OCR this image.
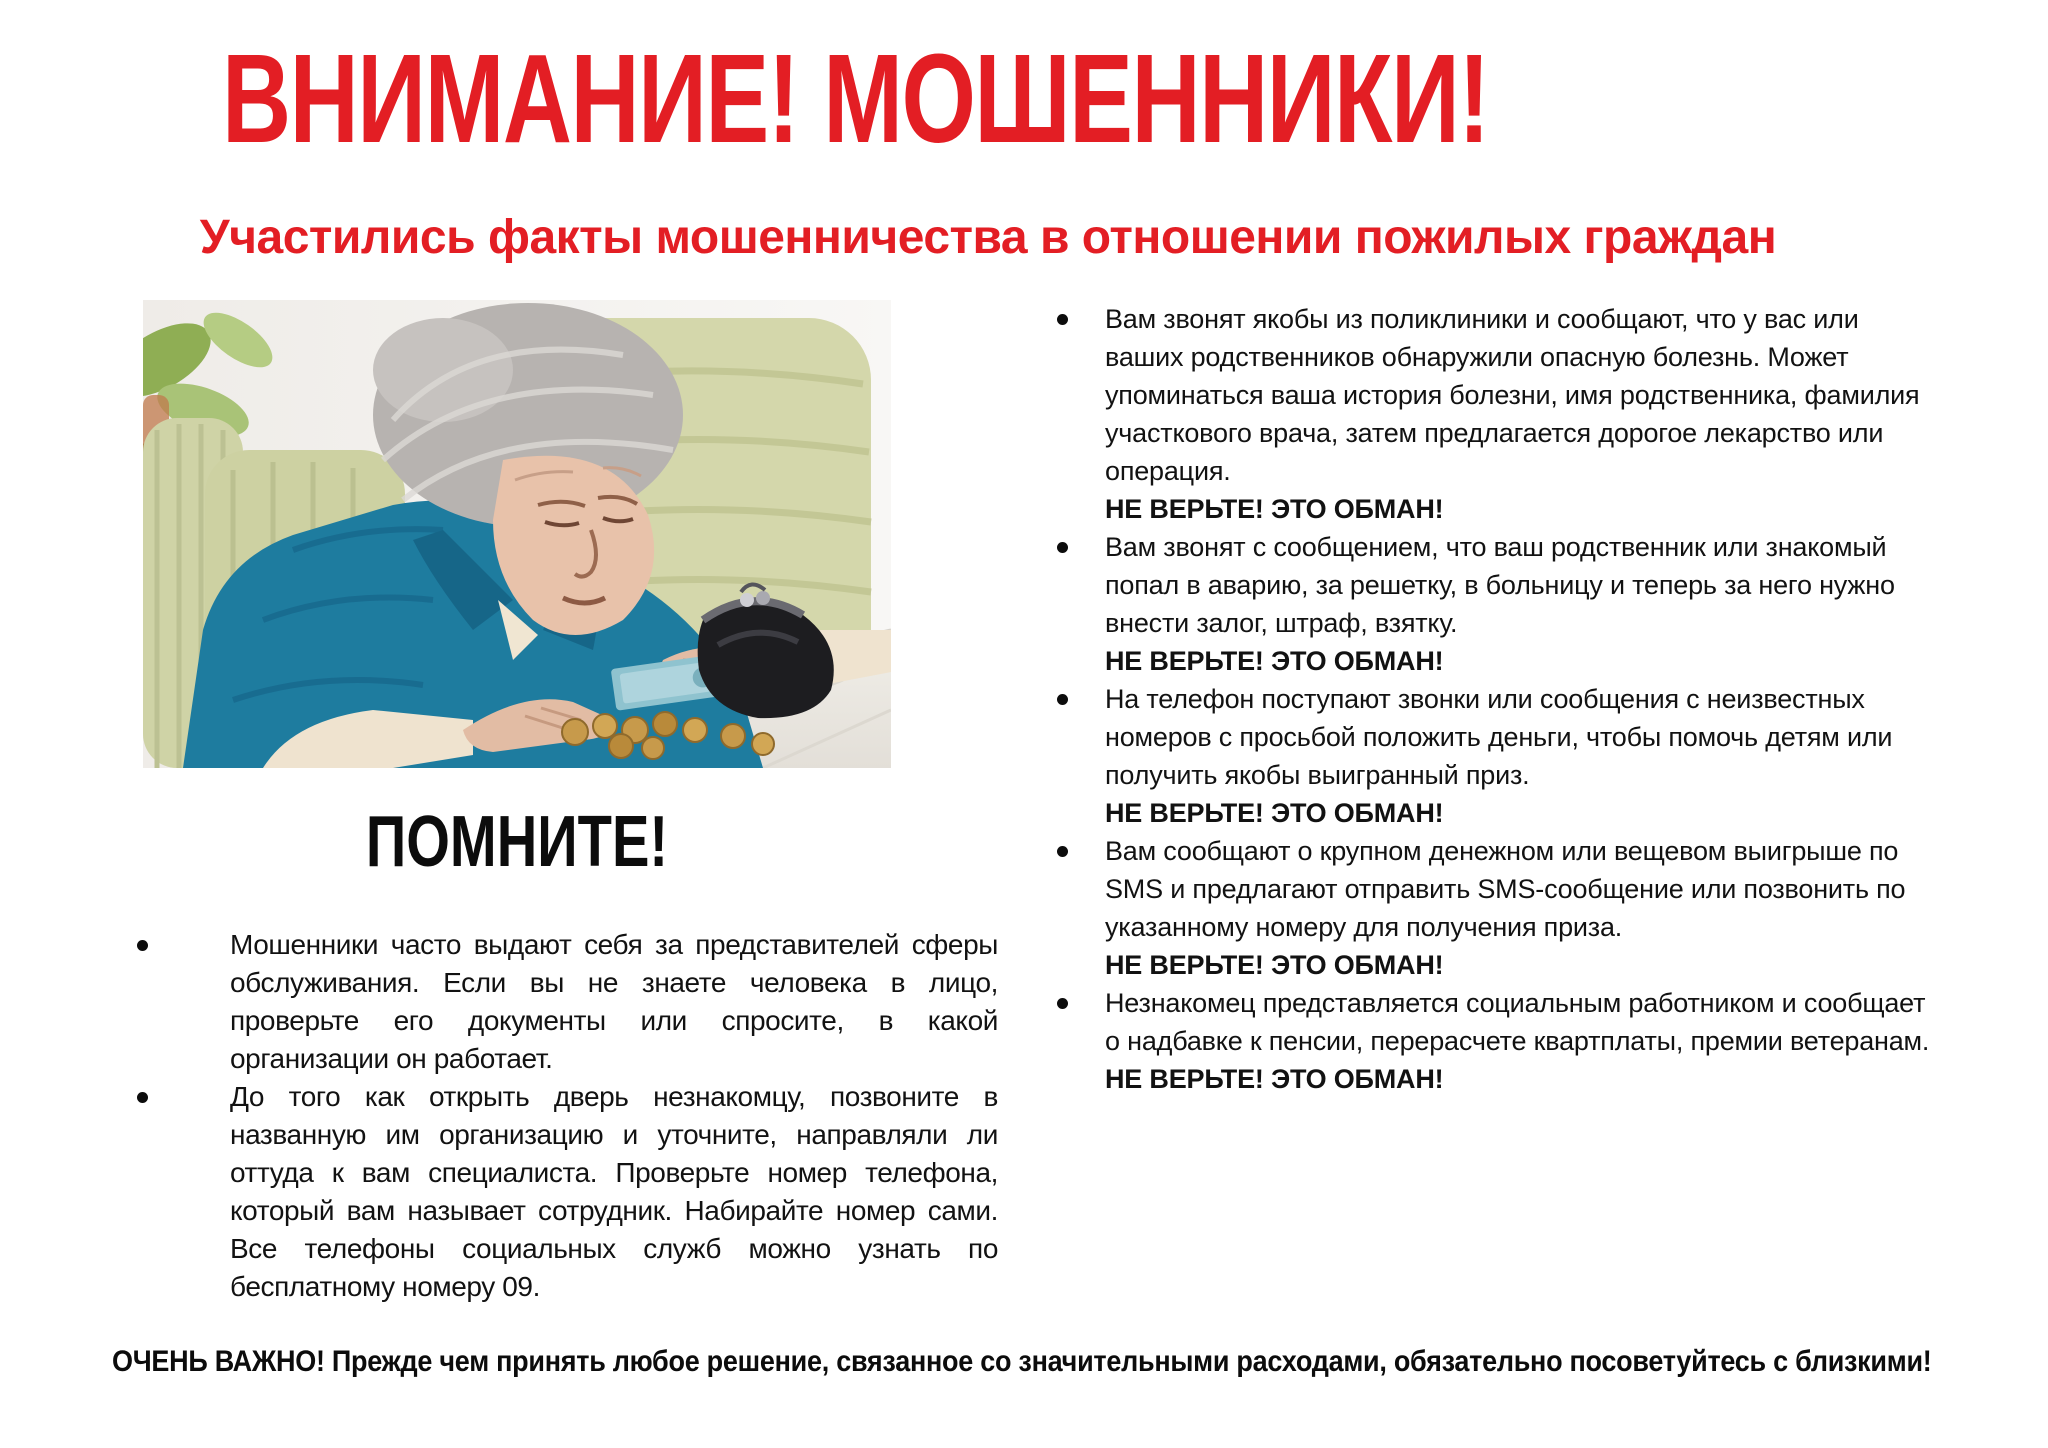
ВНИМАНИЕ! МОШЕННИКИ!
Участились факты мошенничества в отношении пожилых граждан
ПОМНИТЕ!
Мошенники часто выдают себя за представителей сферы обслуживания. Если вы не знаете человека в лицо, проверьте его документы или спросите, в какой организации он работает.
До того как открыть дверь незнакомцу, позвоните в названную им организацию и уточните, направляли ли оттуда к вам специалиста. Проверьте номер телефона, который вам называет сотрудник. Набирайте номер сами. Все телефоны социальных служб можно узнать по бесплатному номеру 09.
Вам звонят якобы из поликлиники и сообщают, что у вас или ваших родственников обнаружили опасную болезнь. Может упоминаться ваша история болезни, имя родственника, фамилия участкового врача, затем предлагается дорогое лекарство или операция.
НЕ ВЕРЬТЕ! ЭТО ОБМАН!
Вам звонят с сообщением, что ваш родственник или знакомый попал в аварию, за решетку, в больницу и теперь за него нужно внести залог, штраф, взятку.
НЕ ВЕРЬТЕ! ЭТО ОБМАН!
На телефон поступают звонки или сообщения с неизвестных номеров с просьбой положить деньги, чтобы помочь детям или получить якобы выигранный приз.
НЕ ВЕРЬТЕ! ЭТО ОБМАН!
Вам сообщают о крупном денежном или вещевом выигрыше по SMS и предлагают отправить SMS-сообщение или позвонить по указанному номеру для получения приза.
НЕ ВЕРЬТЕ! ЭТО ОБМАН!
Незнакомец представляется социальным работником и сообщает о надбавке к пенсии, перерасчете квартплаты, премии ветеранам.
НЕ ВЕРЬТЕ! ЭТО ОБМАН!

ОЧЕНЬ ВАЖНО! Прежде чем принять любое решение, связанное со значительными расходами, обязательно посоветуйтесь с близкими!
